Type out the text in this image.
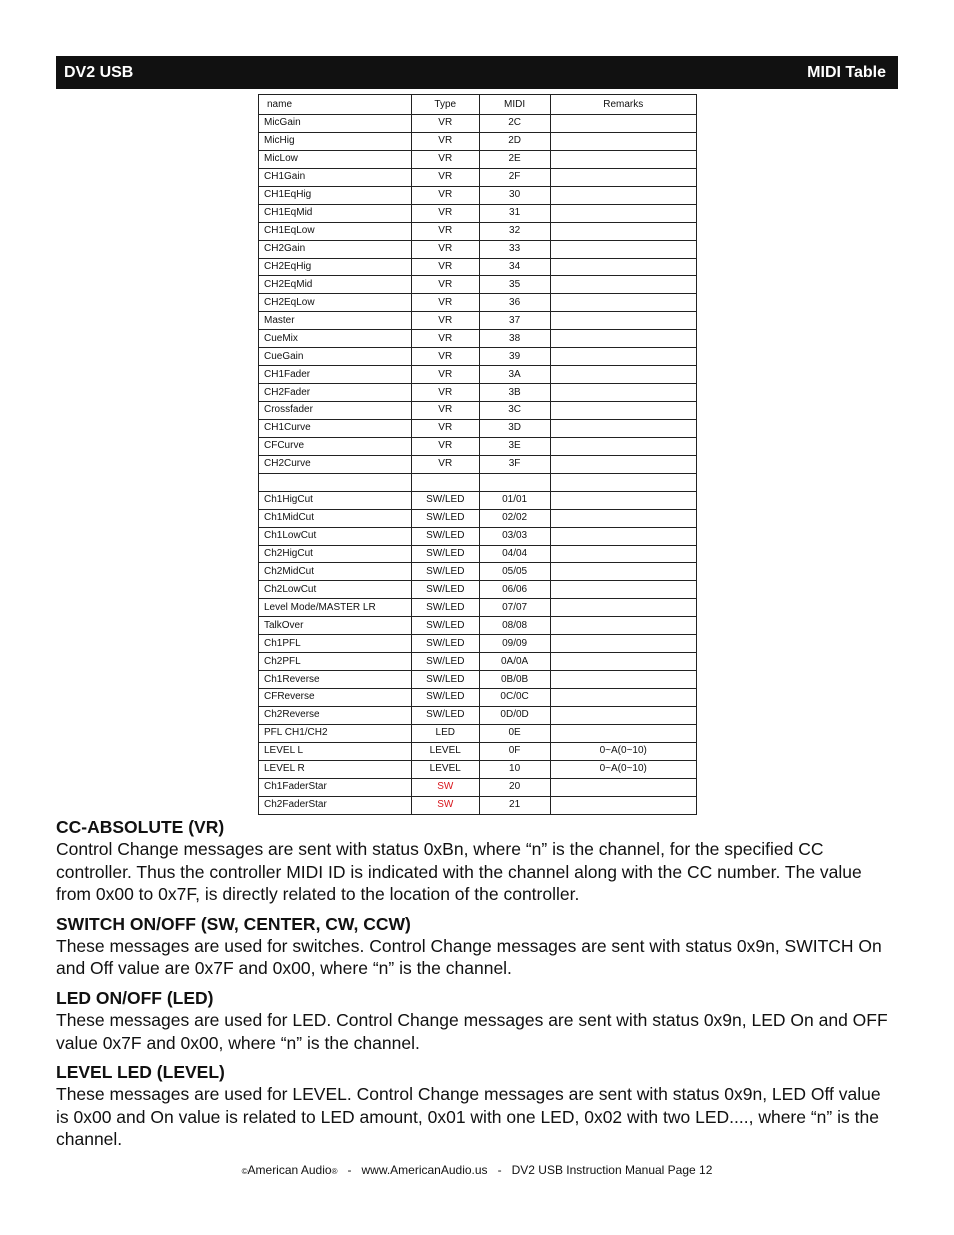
DV2 USB	MIDI Table
name	Type	MIDI	Remarks
MicGain	VR	2C	
MicHig	VR	2D	
MicLow	VR	2E	
CH1Gain	VR	2F	
CH1EqHig	VR	30	
CH1EqMid	VR	31	
CH1EqLow	VR	32	
CH2Gain	VR	33	
CH2EqHig	VR	34	
CH2EqMid	VR	35	
CH2EqLow	VR	36	
Master	VR	37	
CueMix	VR	38	
CueGain	VR	39	
CH1Fader	VR	3A	
CH2Fader	VR	3B	
Crossfader	VR	3C	
CH1Curve	VR	3D	
CFCurve	VR	3E	
CH2Curve	VR	3F	

Ch1HigCut	SW/LED	01/01	
Ch1MidCut	SW/LED	02/02	
Ch1LowCut	SW/LED	03/03	
Ch2HigCut	SW/LED	04/04	
Ch2MidCut	SW/LED	05/05	
Ch2LowCut	SW/LED	06/06	
Level Mode/MASTER LR	SW/LED	07/07	
TalkOver	SW/LED	08/08	
Ch1PFL	SW/LED	09/09	
Ch2PFL	SW/LED	0A/0A	
Ch1Reverse	SW/LED	0B/0B	
CFReverse	SW/LED	0C/0C	
Ch2Reverse	SW/LED	0D/0D	
PFL CH1/CH2	LED	0E	
LEVEL L	LEVEL	0F	0~A(0~10)
LEVEL R	LEVEL	10	0~A(0~10)
Ch1FaderStar	SW	20	
Ch2FaderStar	SW	21	
CC-ABSOLUTE (VR)

Control Change messages are sent with status 0xBn, where “n” is the channel, for the specified CC controller. Thus the controller MIDI ID is indicated with the channel along with the CC number. The value from 0x00 to 0x7F, is directly related to the location of the controller.

SWITCH ON/OFF (SW, CENTER, CW, CCW)

These messages are used for switches. Control Change messages are sent with status 0x9n, SWITCH On and Off value are 0x7F and 0x00, where “n” is the channel.

LED ON/OFF (LED)

These messages are used for LED. Control Change messages are sent with status 0x9n, LED On and OFF value 0x7F and 0x00, where “n” is the channel.

LEVEL LED (LEVEL)

These messages are used for LEVEL. Control Change messages are sent with status 0x9n, LED Off value is 0x00 and On value is related to LED amount, 0x01 with one LED, 0x02 with two LED...., where “n” is the channel.

©American Audio® - www.AmericanAudio.us - DV2 USB Instruction Manual Page 12
